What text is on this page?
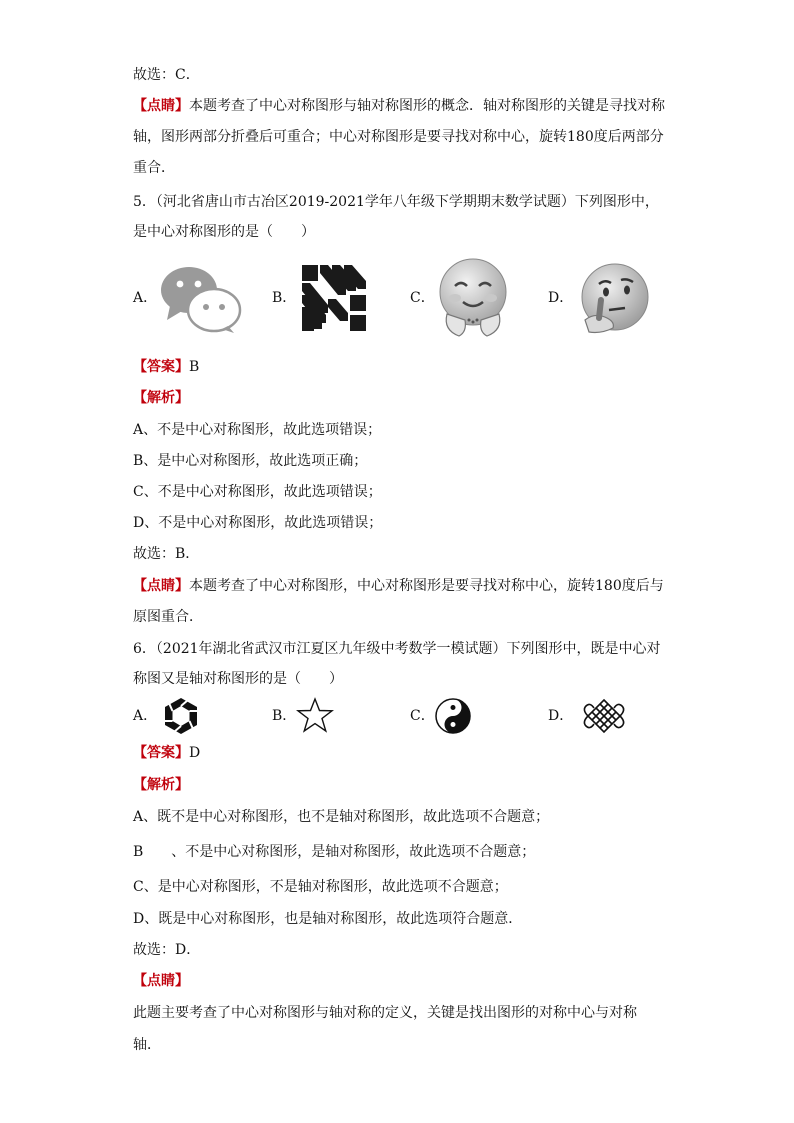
故选：C．
【点睛】本题考查了中心对称图形与轴对称图形的概念．轴对称图形的关键是寻找对称
轴，图形两部分折叠后可重合；中心对称图形是要寻找对称中心，旋转180度后两部分
重合．
5．（河北省唐山市古冶区2019-2021学年八年级下学期期末数学试题）下列图形中，
是中心对称图形的是（　　）
A．	B．	C．	D．
【答案】B
【解析】
A、不是中心对称图形，故此选项错误；
B、是中心对称图形，故此选项正确；
C、不是中心对称图形，故此选项错误；
D、不是中心对称图形，故此选项错误；
故选：B．
【点睛】本题考查了中心对称图形，中心对称图形是要寻找对称中心，旋转180度后与
原图重合．
6．（2021年湖北省武汉市江夏区九年级中考数学一模试题）下列图形中，既是中心对
称图又是轴对称图形的是（　　）
A．	B．	C．	D．
【答案】D
【解析】
A、既不是中心对称图形，也不是轴对称图形，故此选项不合题意；
B　　、不是中心对称图形，是轴对称图形，故此选项不合题意；
C、是中心对称图形，不是轴对称图形，故此选项不合题意；
D、既是中心对称图形，也是轴对称图形，故此选项符合题意．
故选：D．
【点睛】
此题主要考查了中心对称图形与轴对称的定义，关键是找出图形的对称中心与对称
轴．
